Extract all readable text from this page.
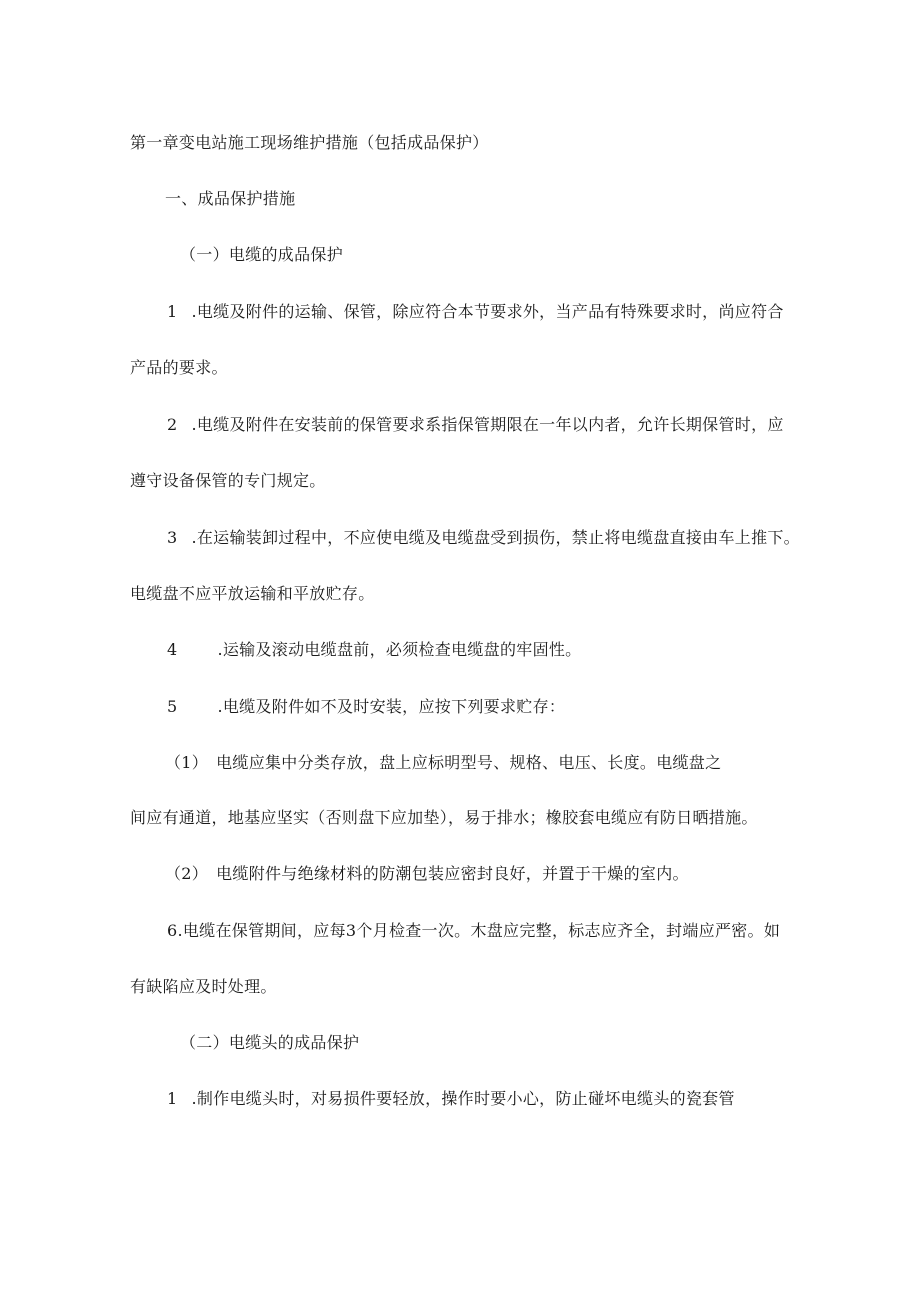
第一章变电站施工现场维护措施（包括成品保护）
一、成品保护措施
（一）电缆的成品保护
1 .电缆及附件的运输、保管，除应符合本节要求外，当产品有特殊要求时，尚应符合
产品的要求。
2 .电缆及附件在安装前的保管要求系指保管期限在一年以内者，允许长期保管时，应
遵守设备保管的专门规定。
3 .在运输装卸过程中，不应使电缆及电缆盘受到损伤，禁止将电缆盘直接由车上推下。
电缆盘不应平放运输和平放贮存。
4	.运输及滚动电缆盘前，必须检查电缆盘的牢固性。
5	.电缆及附件如不及时安装，应按下列要求贮存：
（1） 电缆应集中分类存放，盘上应标明型号、规格、电压、长度。电缆盘之
间应有通道，地基应坚实（否则盘下应加垫），易于排水；橡胶套电缆应有防日晒措施。
（2） 电缆附件与绝缘材料的防潮包装应密封良好，并置于干燥的室内。
6.电缆在保管期间，应每3个月检查一次。木盘应完整，标志应齐全，封端应严密。如
有缺陷应及时处理。
（二）电缆头的成品保护
1 .制作电缆头时，对易损件要轻放，操作时要小心，防止碰坏电缆头的瓷套管
